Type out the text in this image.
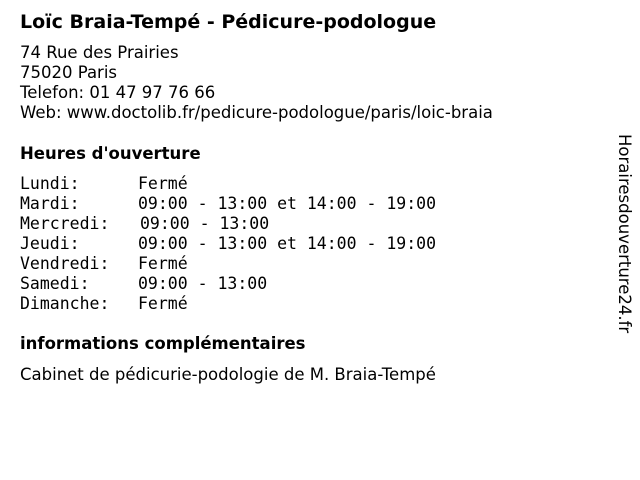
Loïc Braia-Tempé - Pédicure-podologue
74 Rue des Prairies
75020 Paris
Telefon: 01 47 97 76 66
Web: www.doctolib.fr/pedicure-podologue/paris/loic-braia
Heures d'ouverture
Lundi:	Fermé
Mardi:	09:00 - 13:00 et 14:00 - 19:00
Mercredi:	09:00 - 13:00
Jeudi:	09:00 - 13:00 et 14:00 - 19:00
Vendredi:	Fermé
Samedi:	09:00 - 13:00
Dimanche:	Fermé
informations complémentaires
Cabinet de pédicurie-podologie de M. Braia-Tempé
Horairesdouverture24.fr
